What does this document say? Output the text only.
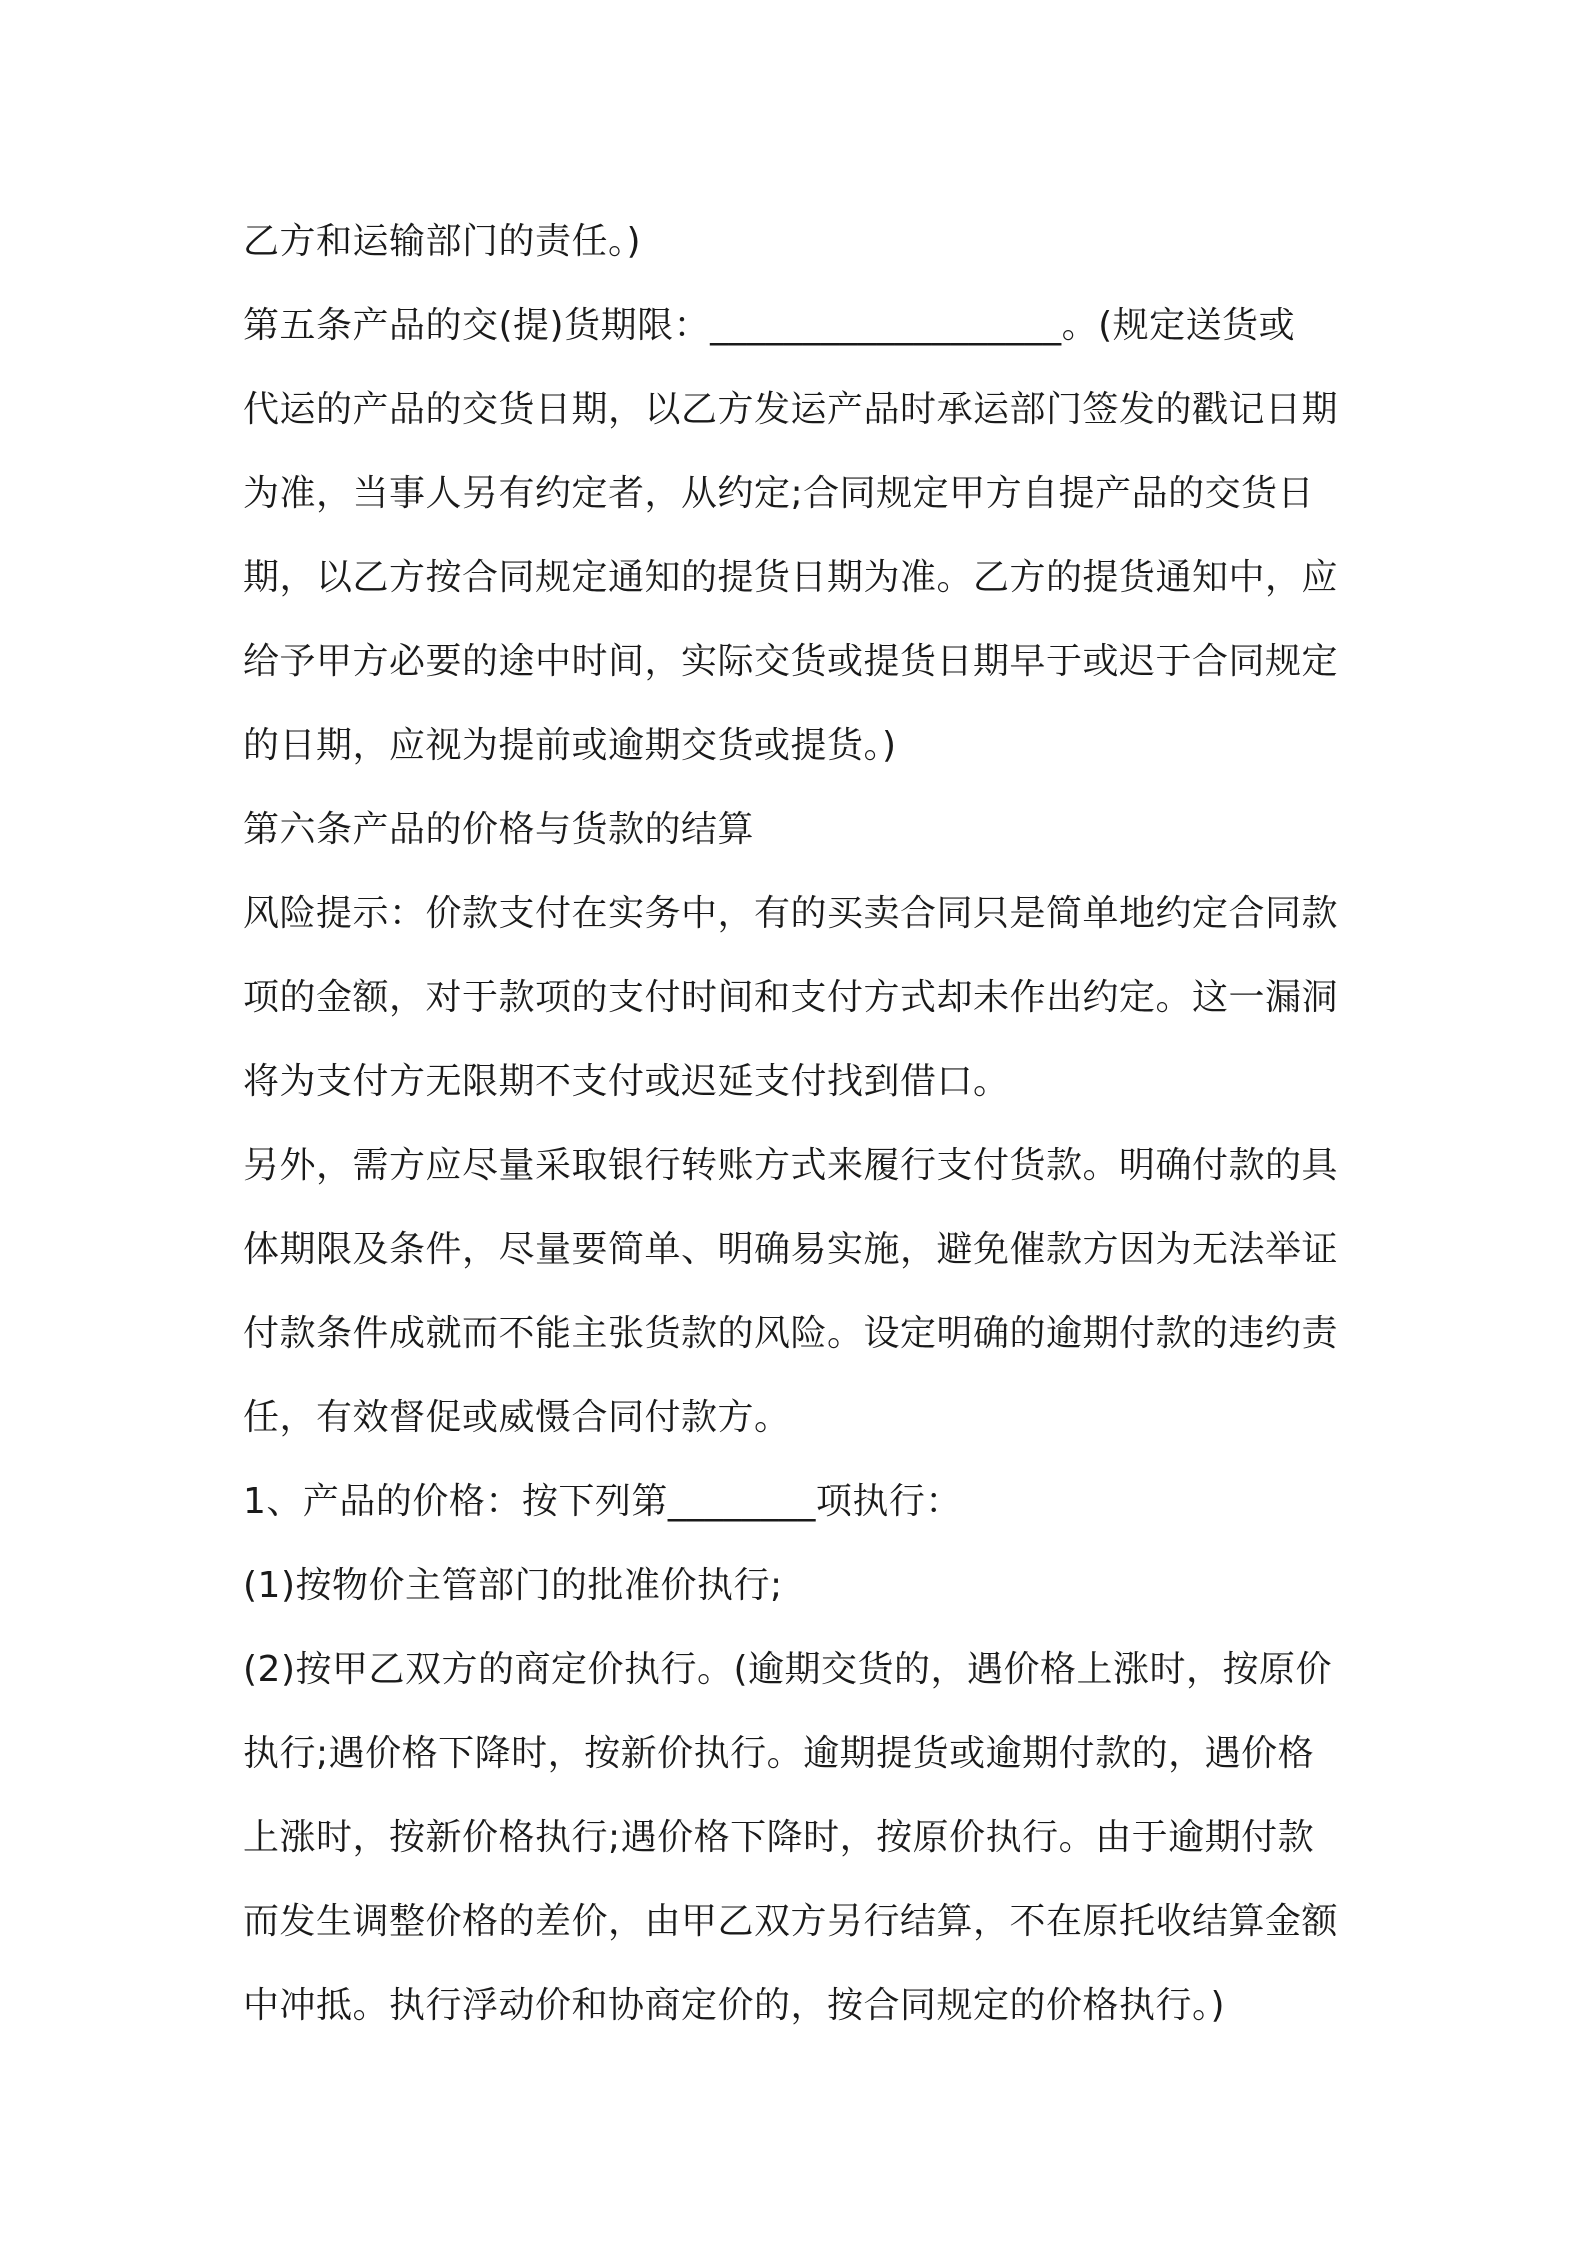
乙方和运输部门的责任。)

第五条产品的交(提)货期限：___________________。(规定送货或

代运的产品的交货日期，以乙方发运产品时承运部门签发的戳记日期

为准，当事人另有约定者，从约定;合同规定甲方自提产品的交货日

期，以乙方按合同规定通知的提货日期为准。乙方的提货通知中，应

给予甲方必要的途中时间，实际交货或提货日期早于或迟于合同规定

的日期，应视为提前或逾期交货或提货。)

第六条产品的价格与货款的结算

风险提示：价款支付在实务中，有的买卖合同只是简单地约定合同款

项的金额，对于款项的支付时间和支付方式却未作出约定。这一漏洞

将为支付方无限期不支付或迟延支付找到借口。

另外，需方应尽量采取银行转账方式来履行支付货款。明确付款的具

体期限及条件，尽量要简单、明确易实施，避免催款方因为无法举证

付款条件成就而不能主张货款的风险。设定明确的逾期付款的违约责

任，有效督促或威慑合同付款方。

1、产品的价格：按下列第________项执行：

(1)按物价主管部门的批准价执行;

(2)按甲乙双方的商定价执行。(逾期交货的，遇价格上涨时，按原价

执行;遇价格下降时，按新价执行。逾期提货或逾期付款的，遇价格

上涨时，按新价格执行;遇价格下降时，按原价执行。由于逾期付款

而发生调整价格的差价，由甲乙双方另行结算，不在原托收结算金额

中冲抵。执行浮动价和协商定价的，按合同规定的价格执行。)
